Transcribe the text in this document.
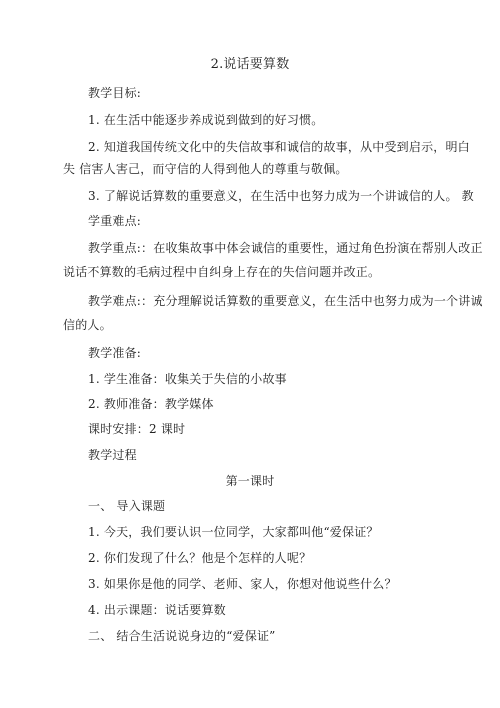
2.说话要算数
教学目标:
1. 在生活中能逐步养成说到做到的好习惯。
2. 知道我国传统文化中的失信故事和诚信的故事，从中受到启示，明白
失 信害人害己，而守信的人得到他人的尊重与敬佩。
3. 了解说话算数的重要意义，在生活中也努力成为一个讲诚信的人。 教
学重难点:
教学重点:：在收集故事中体会诚信的重要性，通过角色扮演在帮别人改正
说话不算数的毛病过程中自纠身上存在的失信问题并改正。
教学难点:：充分理解说话算数的重要意义，在生活中也努力成为一个讲诚
信的人。
教学准备:
1. 学生准备：收集关于失信的小故事
2. 教师准备：教学媒体
课时安排：2 课时
教学过程
第一课时
一、 导入课题
1. 今天，我们要认识一位同学，大家都叫他“爱保证？
2. 你们发现了什么？他是个怎样的人呢？
3. 如果你是他的同学、老师、家人，你想对他说些什么？
4. 出示课题：说话要算数
二、 结合生活说说身边的“爱保证”
